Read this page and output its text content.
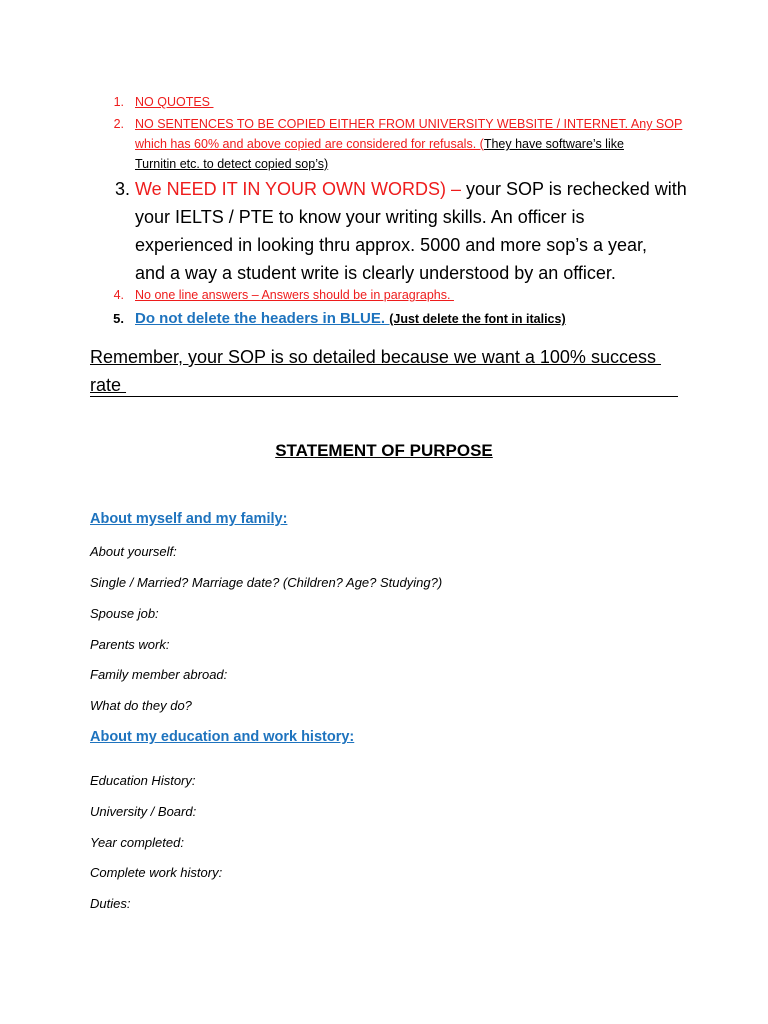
1. NO QUOTES
2. NO SENTENCES TO BE COPIED EITHER FROM UNIVERSITY WEBSITE / INTERNET. Any SOP
which has 60% and above copied are considered for refusals. (They have software’s like
Turnitin etc. to detect copied sop’s)
3. We NEED IT IN YOUR OWN WORDS) – your SOP is rechecked with
your IELTS / PTE to know your writing skills. An officer is
experienced in looking thru approx. 5000 and more sop’s a year,
and a way a student write is clearly understood by an officer.
4. No one line answers – Answers should be in paragraphs.
5. Do not delete the headers in BLUE. (Just delete the font in italics)
Remember, your SOP is so detailed because we want a 100% success
rate
STATEMENT OF PURPOSE
About myself and my family:
About yourself:
Single / Married? Marriage date? (Children? Age? Studying?)
Spouse job:
Parents work:
Family member abroad:
What do they do?
About my education and work history:
Education History:
University / Board:
Year completed:
Complete work history:
Duties:
